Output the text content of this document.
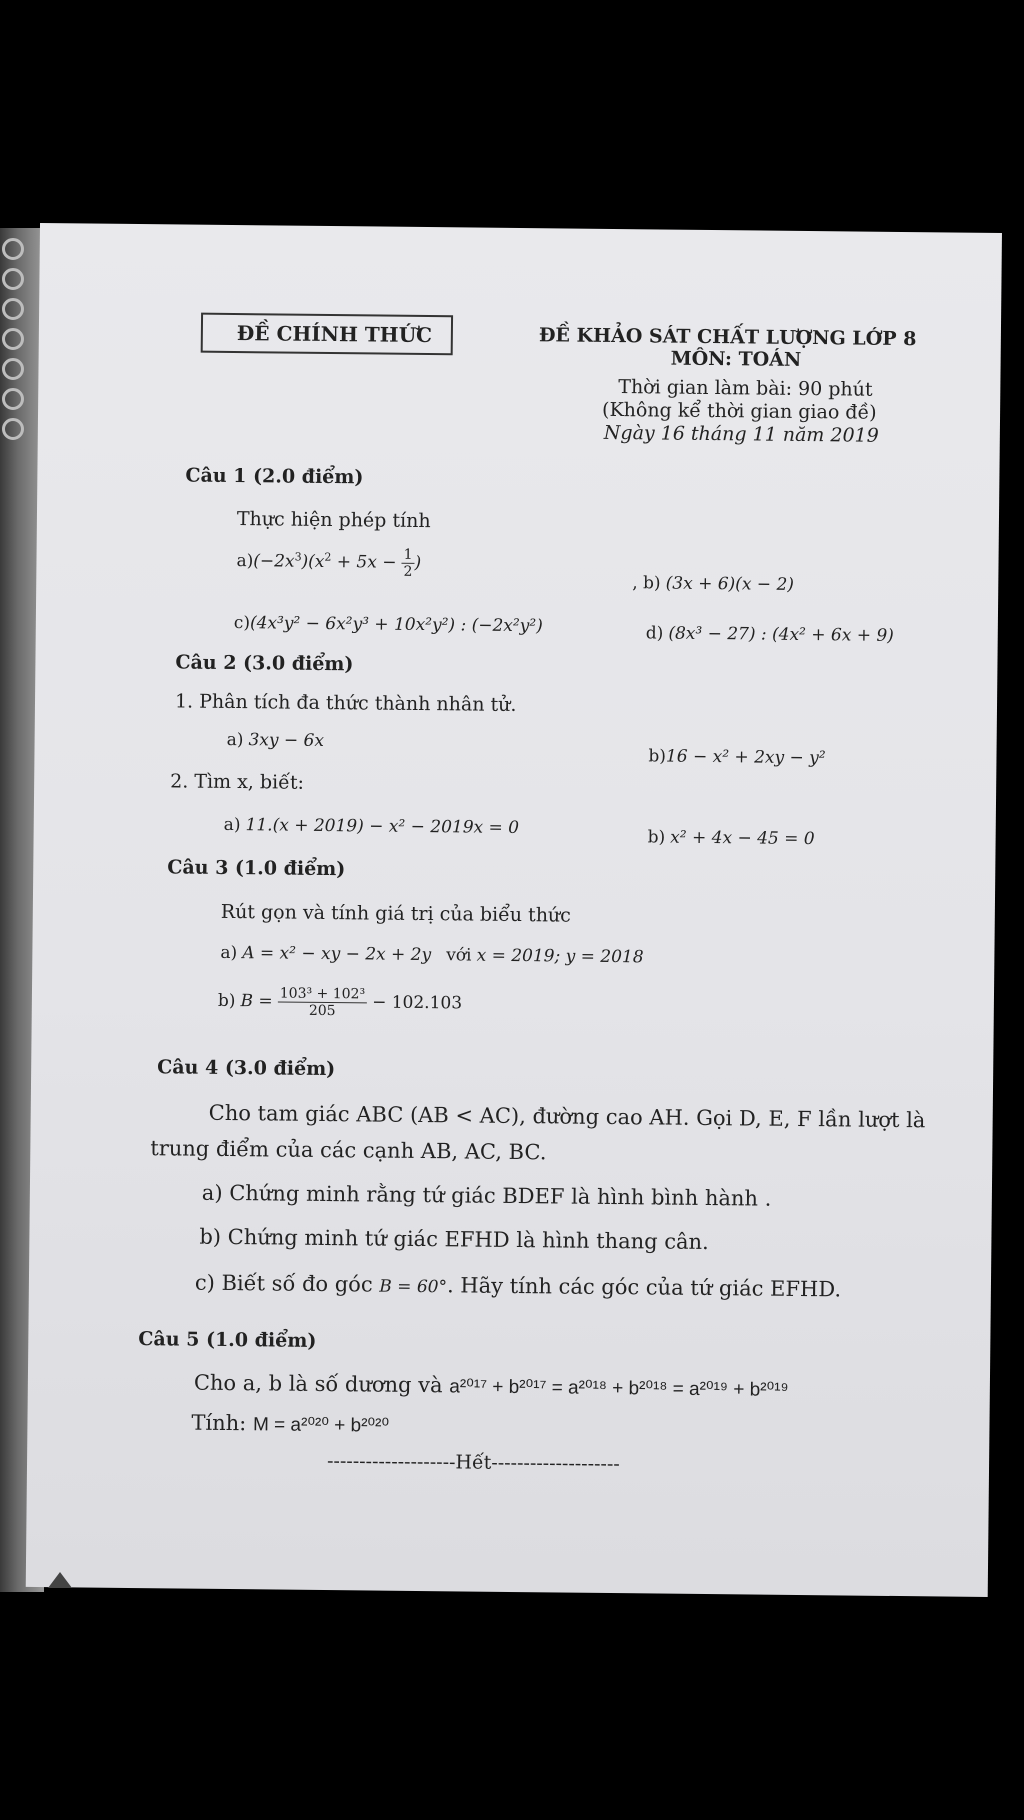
ĐỀ CHÍNH THỨC	ĐỀ KHẢO SÁT CHẤT LƯỢNG LỚP 8
MÔN: TOÁN
Thời gian làm bài: 90 phút
(Không kể thời gian giao đề)
Ngày 16 tháng 11 năm 2019
Câu 1 (2.0 điểm)
Thực hiện phép tính
$a)(-2x^3)(x^2 + 5x - \frac{1}{2}$ )
, b) (3x + 6)(x − 2)
c)(4x³y² − 6x²y³ + 10x²y²) : (−2x²y²)	d) (8x³ − 27) : (4x² + 6x + 9)
Câu 2 (3.0 điểm)
1. Phân tích đa thức thành nhân tử.
a) 3xy − 6x
b)16 − x² + 2xy − y²
2. Tìm x, biết:
a) 11.(x + 2019) − x² − 2019x = 0	b) x² + 4x − 45 = 0
Câu 3 (1.0 điểm)
Rút gọn và tính giá trị của biểu thức
a) A = x² − xy − 2x + 2y với x = 2019; y = 2018
b) $B = \frac{\text{103³ + 102³}}{205} - 102.103$
Câu 4 (3.0 điểm)
Cho tam giác ABC (AB < AC), đường cao AH. Gọi D, E, F lần lượt là
trung điểm của các cạnh AB, AC, BC.
a) Chứng minh rằng tứ giác BDEF là hình bình hành .
b) Chứng minh tứ giác EFHD là hình thang cân.
c) Biết số đo góc B = 60°. Hãy tính các góc của tứ giác EFHD.
Câu 5 (1.0 điểm)
Cho a, b là số dương và a²⁰¹⁷ + b²⁰¹⁷ = a²⁰¹⁸ + b²⁰¹⁸ = a²⁰¹⁹ + b²⁰¹⁹
Tính: M = a²⁰²⁰ + b²⁰²⁰
--------------------Hết--------------------
